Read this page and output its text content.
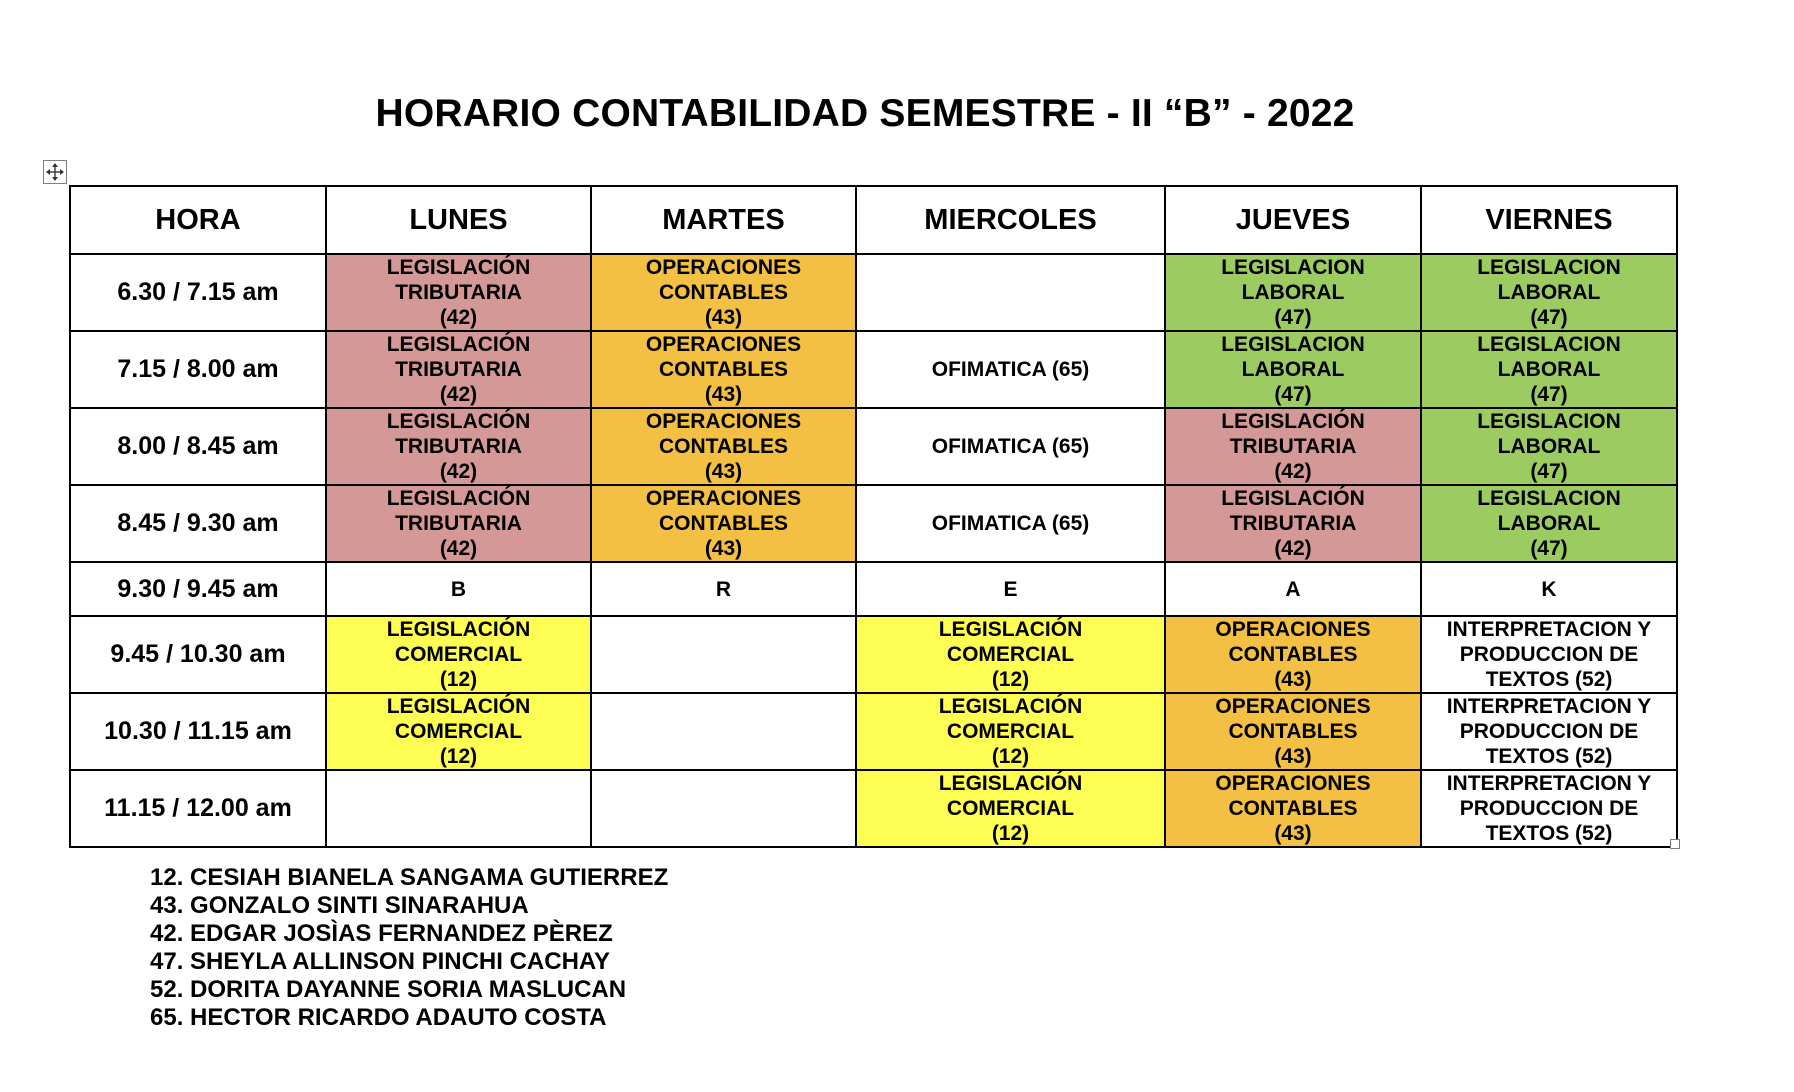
HORARIO CONTABILIDAD SEMESTRE - II “B” - 2022
HORA	LUNES	MARTES	MIERCOLES	JUEVES	VIERNES
6.30 / 7.15 am	LEGISLACIÓN
TRIBUTARIA
(42)	OPERACIONES
CONTABLES
(43)		LEGISLACION
LABORAL
(47)	LEGISLACION
LABORAL
(47)

7.15 / 8.00 am	LEGISLACIÓN
TRIBUTARIA
(42)	OPERACIONES
CONTABLES
(43)	OFIMATICA (65)	LEGISLACION
LABORAL
(47)	LEGISLACION
LABORAL
(47)

8.00 / 8.45 am	LEGISLACIÓN
TRIBUTARIA
(42)	OPERACIONES
CONTABLES
(43)	OFIMATICA (65)	LEGISLACIÓN
TRIBUTARIA
(42)	LEGISLACION
LABORAL
(47)

8.45 / 9.30 am	LEGISLACIÓN
TRIBUTARIA
(42)	OPERACIONES
CONTABLES
(43)	OFIMATICA (65)	LEGISLACIÓN
TRIBUTARIA
(42)	LEGISLACION
LABORAL
(47)

9.30 / 9.45 am	B	R	E	A	K

9.45 / 10.30 am	LEGISLACIÓN
COMERCIAL
(12)		LEGISLACIÓN
COMERCIAL
(12)	OPERACIONES
CONTABLES
(43)	INTERPRETACION Y
PRODUCCION DE
TEXTOS (52)

10.30 / 11.15 am	LEGISLACIÓN
COMERCIAL
(12)		LEGISLACIÓN
COMERCIAL
(12)	OPERACIONES
CONTABLES
(43)	INTERPRETACION Y
PRODUCCION DE
TEXTOS (52)

11.15 / 12.00 am			LEGISLACIÓN
COMERCIAL
(12)	OPERACIONES
CONTABLES
(43)	INTERPRETACION Y
PRODUCCION DE
TEXTOS (52)
12. CESIAH BIANELA SANGAMA GUTIERREZ
43. GONZALO SINTI SINARAHUA
42. EDGAR JOSÌAS FERNANDEZ PÈREZ
47. SHEYLA ALLINSON PINCHI CACHAY
52. DORITA DAYANNE SORIA MASLUCAN
65. HECTOR RICARDO ADAUTO COSTA
